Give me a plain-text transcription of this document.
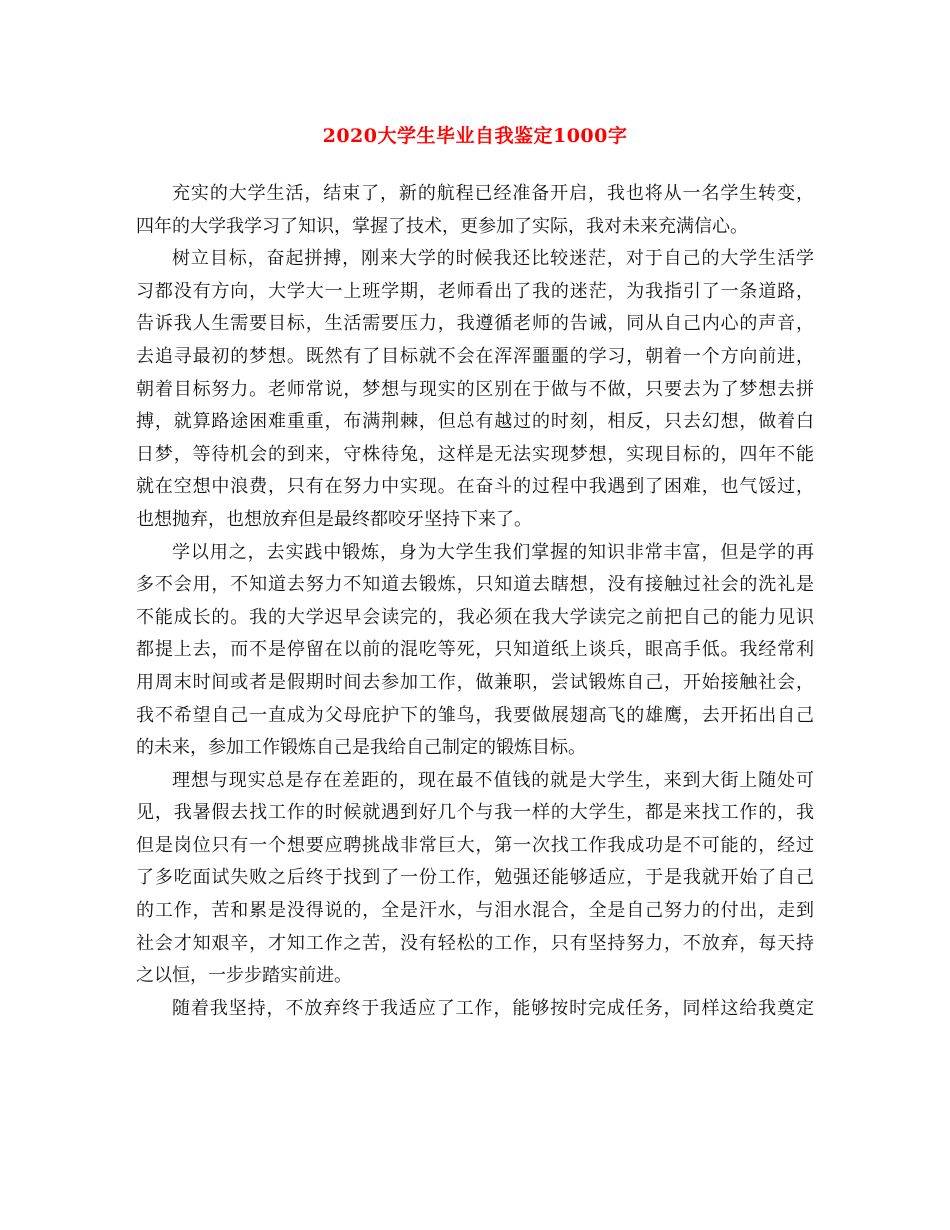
2020大学生毕业自我鉴定1000字
充实的大学生活，结束了，新的航程已经准备开启，我也将从一名学生转变，
四年的大学我学习了知识，掌握了技术，更参加了实际，我对未来充满信心。
树立目标，奋起拼搏，刚来大学的时候我还比较迷茫，对于自己的大学生活学
习都没有方向，大学大一上班学期，老师看出了我的迷茫，为我指引了一条道路，
告诉我人生需要目标，生活需要压力，我遵循老师的告诫，同从自己内心的声音，
去追寻最初的梦想。既然有了目标就不会在浑浑噩噩的学习，朝着一个方向前进，
朝着目标努力。老师常说，梦想与现实的区别在于做与不做，只要去为了梦想去拼
搏，就算路途困难重重，布满荆棘，但总有越过的时刻，相反，只去幻想，做着白
日梦，等待机会的到来，守株待兔，这样是无法实现梦想，实现目标的，四年不能
就在空想中浪费，只有在努力中实现。在奋斗的过程中我遇到了困难，也气馁过，
也想抛弃，也想放弃但是最终都咬牙坚持下来了。
学以用之，去实践中锻炼，身为大学生我们掌握的知识非常丰富，但是学的再
多不会用，不知道去努力不知道去锻炼，只知道去瞎想，没有接触过社会的洗礼是
不能成长的。我的大学迟早会读完的，我必须在我大学读完之前把自己的能力见识
都提上去，而不是停留在以前的混吃等死，只知道纸上谈兵，眼高手低。我经常利
用周末时间或者是假期时间去参加工作，做兼职，尝试锻炼自己，开始接触社会，
我不希望自己一直成为父母庇护下的雏鸟，我要做展翅高飞的雄鹰，去开拓出自己
的未来，参加工作锻炼自己是我给自己制定的锻炼目标。
理想与现实总是存在差距的，现在最不值钱的就是大学生，来到大街上随处可
见，我暑假去找工作的时候就遇到好几个与我一样的大学生，都是来找工作的，我
但是岗位只有一个想要应聘挑战非常巨大，第一次找工作我成功是不可能的，经过
了多吃面试失败之后终于找到了一份工作，勉强还能够适应，于是我就开始了自己
的工作，苦和累是没得说的，全是汗水，与泪水混合，全是自己努力的付出，走到
社会才知艰辛，才知工作之苦，没有轻松的工作，只有坚持努力，不放弃，每天持
之以恒，一步步踏实前进。
随着我坚持，不放弃终于我适应了工作，能够按时完成任务，同样这给我奠定
